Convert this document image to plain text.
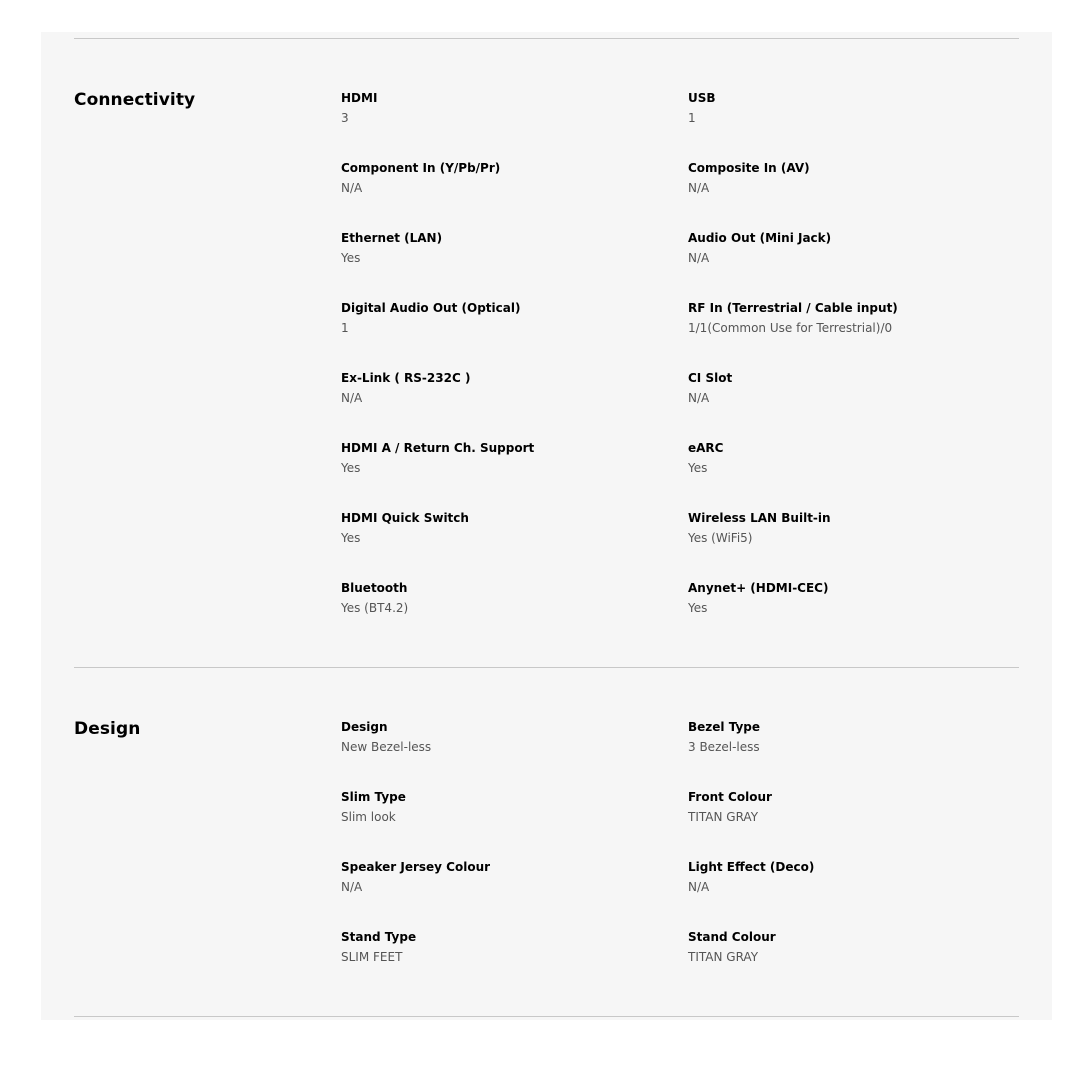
Connectivity	HDMI
3
USB
1
Component In (Y/Pb/Pr)
N/A
Composite In (AV)
N/A
Ethernet (LAN)
Yes
Audio Out (Mini Jack)
N/A
Digital Audio Out (Optical)
1
RF In (Terrestrial / Cable input)
1/1(Common Use for Terrestrial)/0
Ex-Link ( RS-232C )
N/A
CI Slot
N/A
HDMI A / Return Ch. Support
Yes
eARC
Yes
HDMI Quick Switch
Yes
Wireless LAN Built-in
Yes (WiFi5)
Bluetooth
Yes (BT4.2)
Anynet+ (HDMI-CEC)
Yes
Design	Design
New Bezel-less
Bezel Type
3 Bezel-less
Slim Type
Slim look
Front Colour
TITAN GRAY
Speaker Jersey Colour
N/A
Light Effect (Deco)
N/A
Stand Type
SLIM FEET
Stand Colour
TITAN GRAY
